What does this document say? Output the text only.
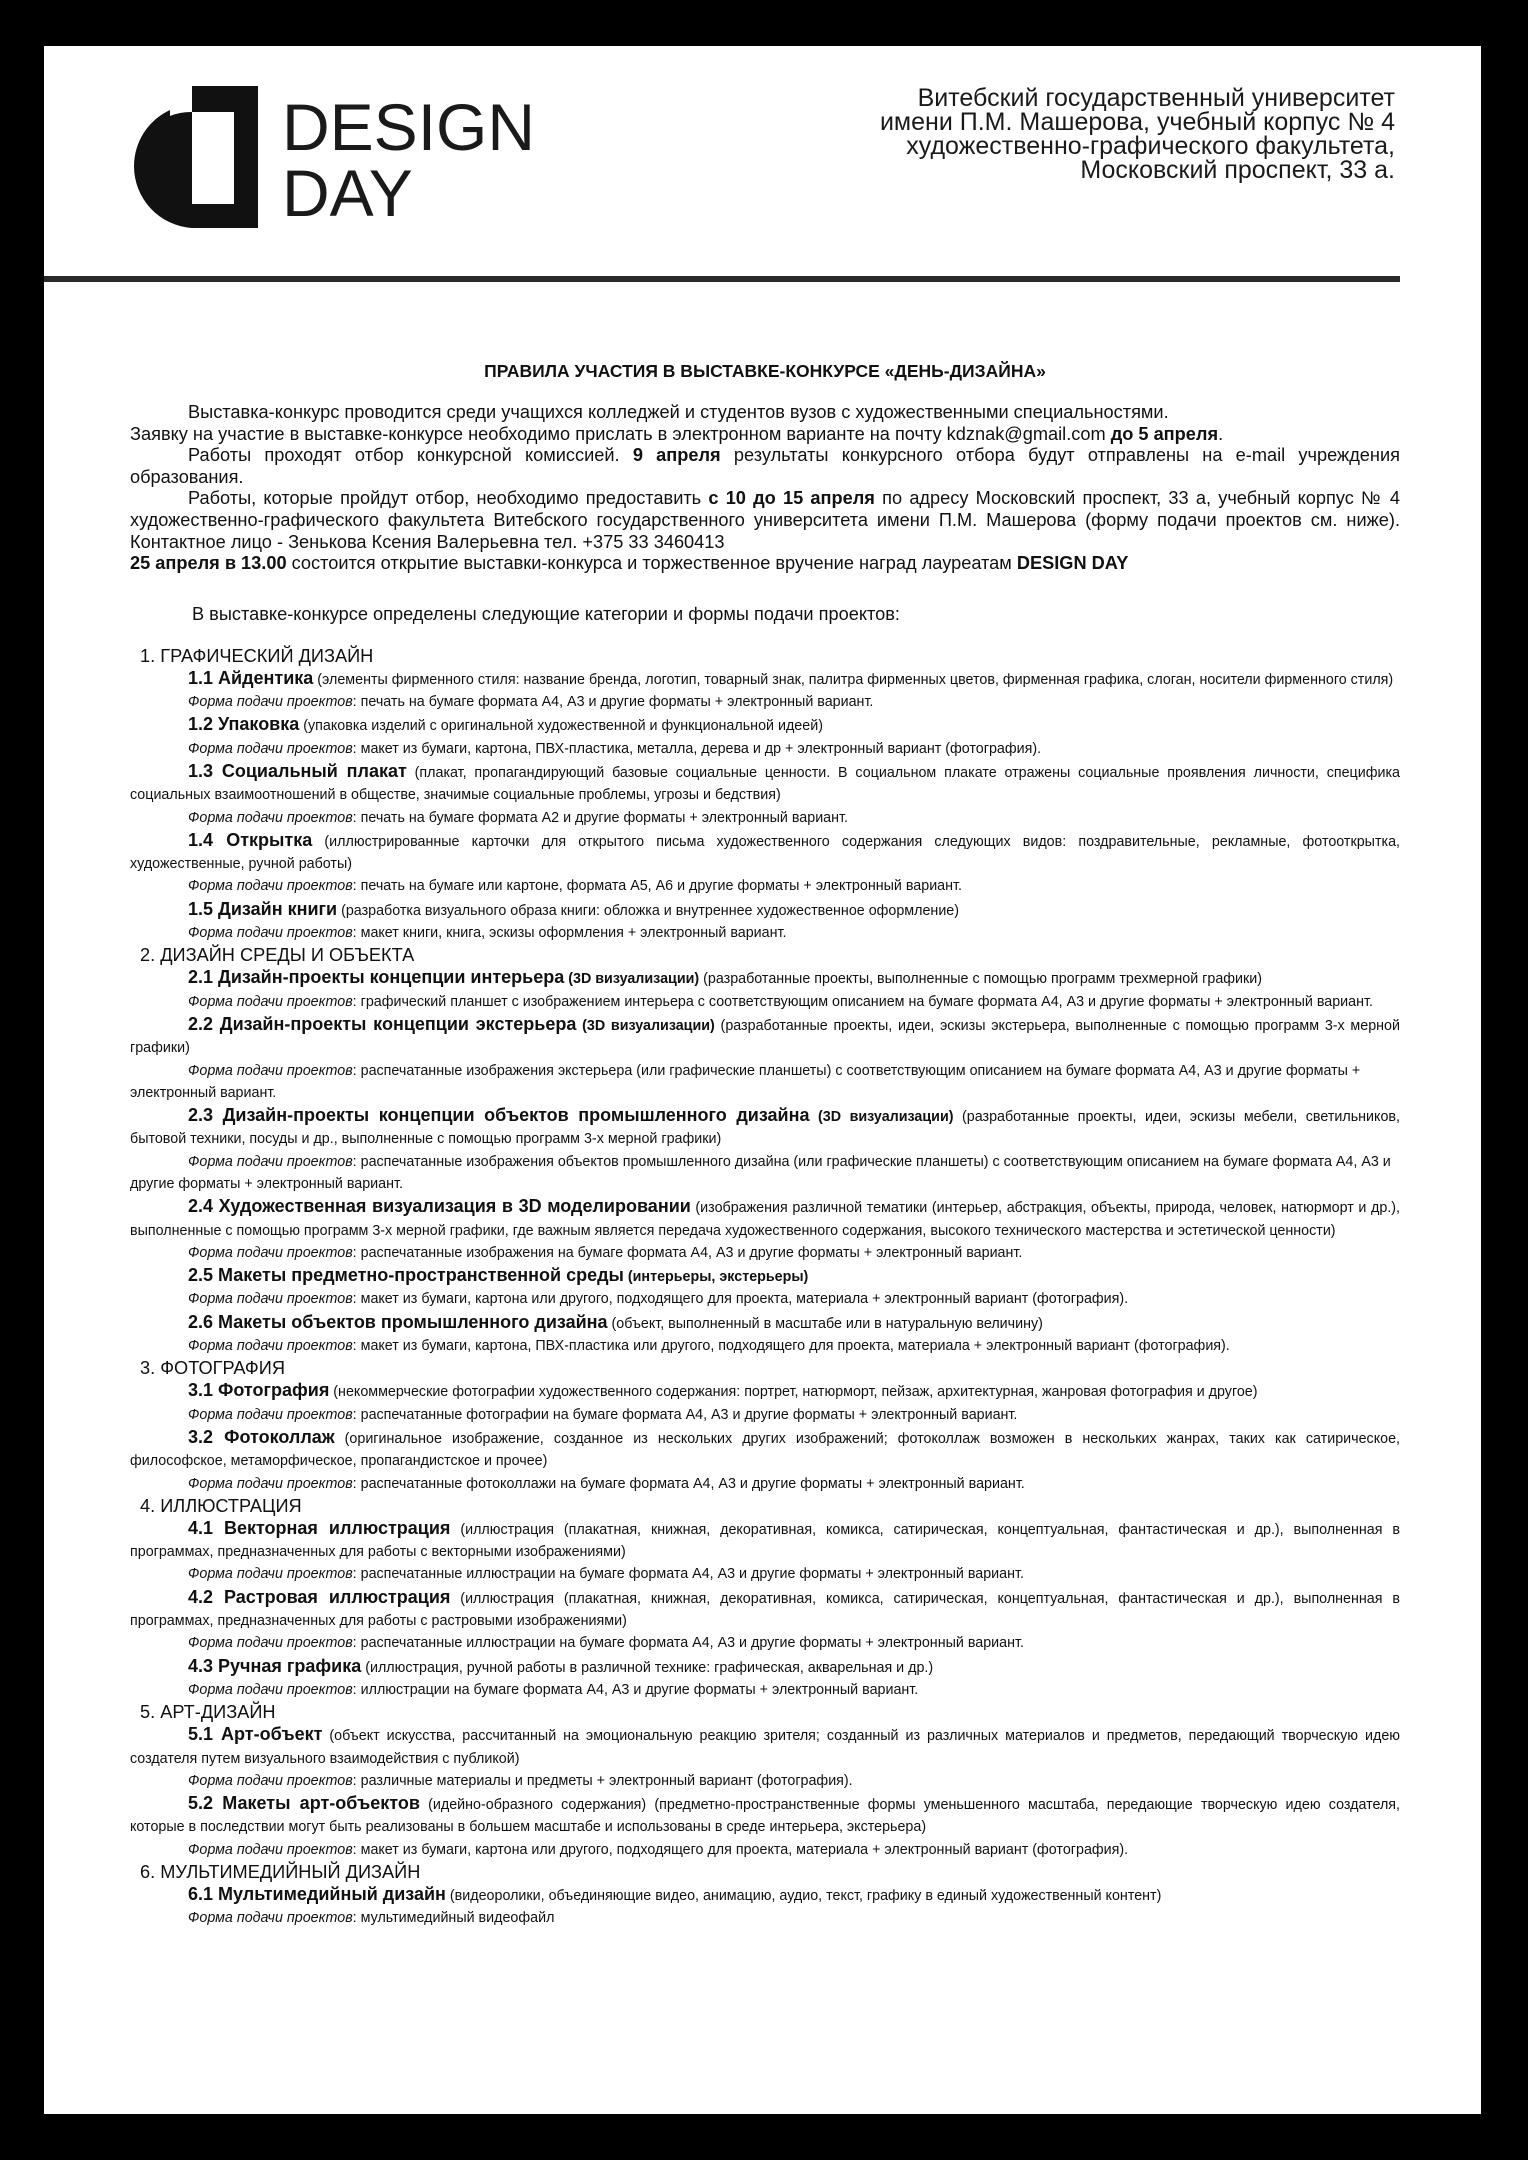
DESIGN
DAY
Витебский государственный университет
имени П.М. Машерова, учебный корпус № 4
художественно-графического факультета,
Московский проспект, 33 а.
ПРАВИЛА УЧАСТИЯ В ВЫСТАВКЕ-КОНКУРСЕ «ДЕНЬ-ДИЗАЙНА»

Выставка-конкурс проводится среди учащихся колледжей и студентов вузов с художественными специальностями.

Заявку на участие в выставке-конкурсе необходимо прислать в электронном варианте на почту kdznak@gmail.com до 5 апреля.

Работы проходят отбор конкурсной комиссией. 9 апреля результаты конкурсного отбора будут отправлены на e-mail учреждения образования.

Работы, которые пройдут отбор, необходимо предоставить с 10 до 15 апреля по адресу Московский проспект, 33 а, учебный корпус № 4 художественно-графического факультета Витебского государственного университета имени П.М. Машерова (форму подачи проектов см. ниже). Контактное лицо - Зенькова Ксения Валерьевна тел. +375 33 3460413

25 апреля в 13.00 состоится открытие выставки-конкурса и торжественное вручение наград лауреатам DESIGN DAY

В выставке-конкурсе определены следующие категории и формы подачи проектов:
1. ГРАФИЧЕСКИЙ ДИЗАЙН

1.1 Айдентика (элементы фирменного стиля: название бренда, логотип, товарный знак, палитра фирменных цветов, фирменная графика, слоган, носители фирменного стиля)

Форма подачи проектов: печать на бумаге формата А4, А3 и другие форматы + электронный вариант.

1.2 Упаковка (упаковка изделий с оригинальной художественной и функциональной идеей)

Форма подачи проектов: макет из бумаги, картона, ПВХ-пластика, металла, дерева и др + электронный вариант (фотография).

1.3 Социальный плакат (плакат, пропагандирующий базовые социальные ценности. В социальном плакате отражены социальные проявления личности, специфика социальных взаимоотношений в обществе, значимые социальные проблемы, угрозы и бедствия)

Форма подачи проектов: печать на бумаге формата А2 и другие форматы + электронный вариант.

1.4 Открытка (иллюстрированные карточки для открытого письма художественного содержания следующих видов: поздравительные, рекламные, фотооткрытка, художественные, ручной работы)

Форма подачи проектов: печать на бумаге или картоне, формата А5, А6 и другие форматы + электронный вариант.

1.5 Дизайн книги (разработка визуального образа книги: обложка и внутреннее художественное оформление)

Форма подачи проектов: макет книги, книга, эскизы оформления + электронный вариант.

2. ДИЗАЙН СРЕДЫ И ОБЪЕКТА

2.1 Дизайн-проекты концепции интерьера (3D визуализации) (разработанные проекты, выполненные с помощью программ трехмерной графики)

Форма подачи проектов: графический планшет с изображением интерьера с соответствующим описанием на бумаге формата А4, А3 и другие форматы + электронный вариант.

2.2 Дизайн-проекты концепции экстерьера (3D визуализации) (разработанные проекты, идеи, эскизы экстерьера, выполненные с помощью программ 3-х мерной графики)

Форма подачи проектов: распечатанные изображения экстерьера (или графические планшеты) с соответствующим описанием на бумаге формата А4, А3 и другие форматы + электронный вариант.

2.3 Дизайн-проекты концепции объектов промышленного дизайна (3D визуализации) (разработанные проекты, идеи, эскизы мебели, светильников, бытовой техники, посуды и др., выполненные с помощью программ 3-х мерной графики)

Форма подачи проектов: распечатанные изображения объектов промышленного дизайна (или графические планшеты) с соответствующим описанием на бумаге формата А4, А3 и другие форматы + электронный вариант.

2.4 Художественная визуализация в 3D моделировании (изображения различной тематики (интерьер, абстракция, объекты, природа, человек, натюрморт и др.), выполненные с помощью программ 3-х мерной графики, где важным является передача художественного содержания, высокого технического мастерства и эстетической ценности)

Форма подачи проектов: распечатанные изображения на бумаге формата А4, А3 и другие форматы + электронный вариант.

2.5 Макеты предметно-пространственной среды (интерьеры, экстерьеры)

Форма подачи проектов: макет из бумаги, картона или другого, подходящего для проекта, материала + электронный вариант (фотография).

2.6 Макеты объектов промышленного дизайна (объект, выполненный в масштабе или в натуральную величину)

Форма подачи проектов: макет из бумаги, картона, ПВХ-пластика или другого, подходящего для проекта, материала + электронный вариант (фотография).

3. ФОТОГРАФИЯ

3.1 Фотография (некоммерческие фотографии художественного содержания: портрет, натюрморт, пейзаж, архитектурная, жанровая фотография и другое)

Форма подачи проектов: распечатанные фотографии на бумаге формата А4, А3 и другие форматы + электронный вариант.

3.2 Фотоколлаж (оригинальное изображение, созданное из нескольких других изображений; фотоколлаж возможен в нескольких жанрах, таких как сатирическое, философское, метаморфическое, пропагандистское и прочее)

Форма подачи проектов: распечатанные фотоколлажи на бумаге формата А4, А3 и другие форматы + электронный вариант.

4. ИЛЛЮСТРАЦИЯ

4.1 Векторная иллюстрация (иллюстрация (плакатная, книжная, декоративная, комикса, сатирическая, концептуальная, фантастическая и др.), выполненная в программах, предназначенных для работы с векторными изображениями)

Форма подачи проектов: распечатанные иллюстрации на бумаге формата А4, А3 и другие форматы + электронный вариант.

4.2 Растровая иллюстрация (иллюстрация (плакатная, книжная, декоративная, комикса, сатирическая, концептуальная, фантастическая и др.), выполненная в программах, предназначенных для работы с растровыми изображениями)

Форма подачи проектов: распечатанные иллюстрации на бумаге формата А4, А3 и другие форматы + электронный вариант.

4.3 Ручная графика (иллюстрация, ручной работы в различной технике: графическая, акварельная и др.)

Форма подачи проектов: иллюстрации на бумаге формата А4, А3 и другие форматы + электронный вариант.

5. АРТ-ДИЗАЙН

5.1 Арт-объект (объект искусства, рассчитанный на эмоциональную реакцию зрителя; созданный из различных материалов и предметов, передающий творческую идею создателя путем визуального взаимодействия с публикой)

Форма подачи проектов: различные материалы и предметы + электронный вариант (фотография).

5.2 Макеты арт-объектов (идейно-образного содержания) (предметно-пространственные формы уменьшенного масштаба, передающие творческую идею создателя, которые в последствии могут быть реализованы в большем масштабе и использованы в среде интерьера, экстерьера)

Форма подачи проектов: макет из бумаги, картона или другого, подходящего для проекта, материала + электронный вариант (фотография).

6. МУЛЬТИМЕДИЙНЫЙ ДИЗАЙН

6.1 Мультимедийный дизайн (видеоролики, объединяющие видео, анимацию, аудио, текст, графику в единый художественный контент)

Форма подачи проектов: мультимедийный видеофайл
